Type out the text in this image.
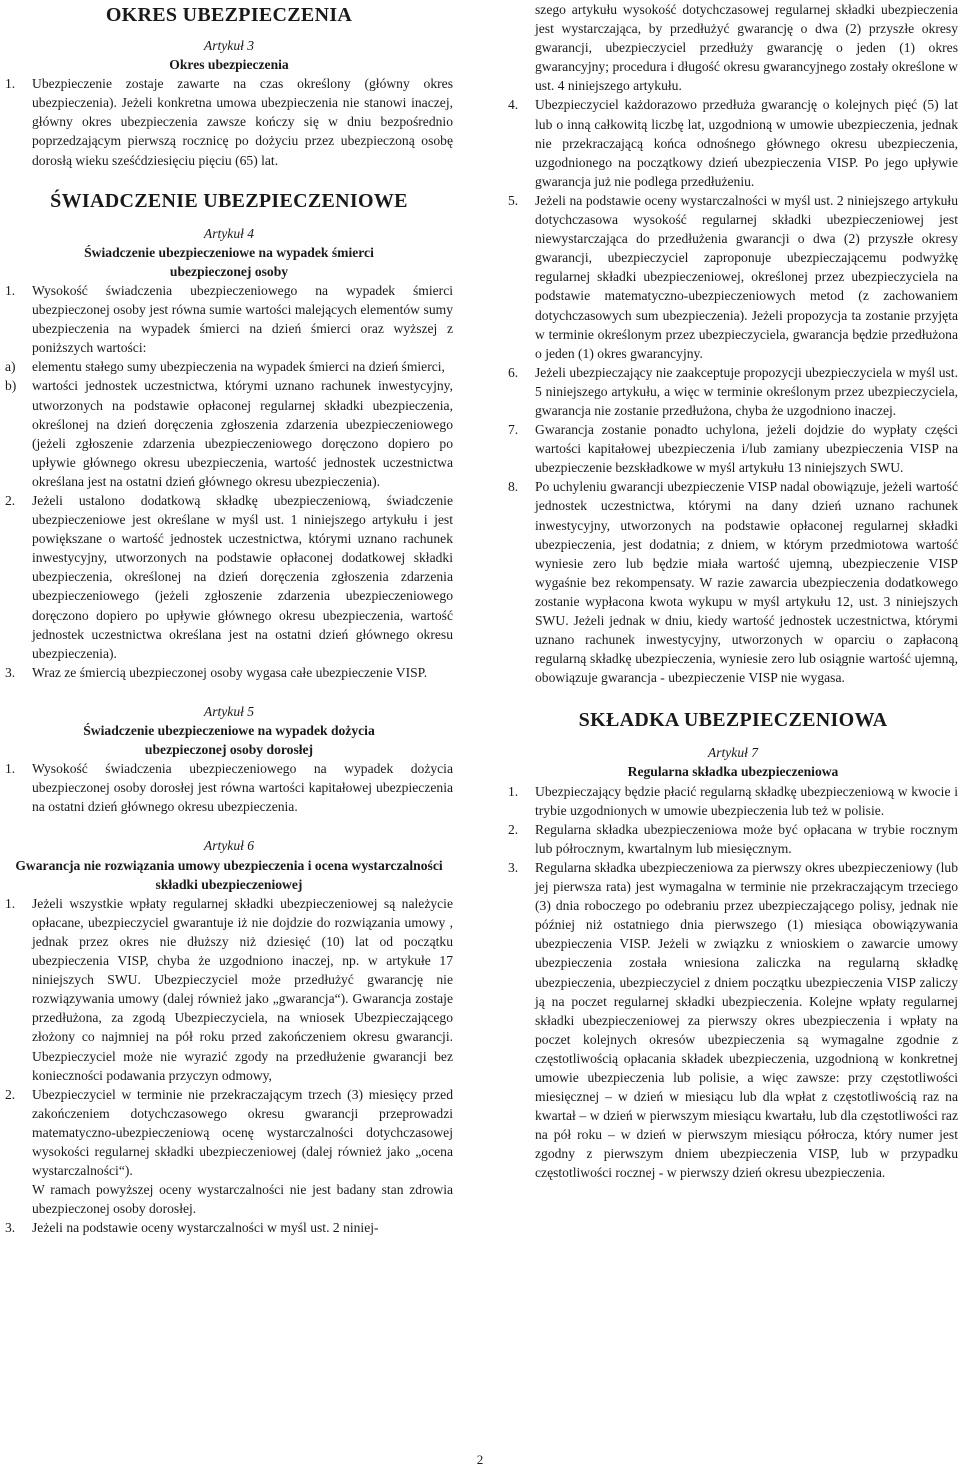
OKRES UBEZPIECZENIA

Artykuł 3

Okres ubezpieczenia

1. Ubezpieczenie zostaje zawarte na czas określony (główny okres ubezpieczenia). Jeżeli konkretna umowa ubezpieczenia nie stanowi inaczej, główny okres ubezpieczenia zawsze kończy się w dniu bezpośrednio poprzedzającym pierwszą rocznicę po dożyciu przez ubezpieczoną osobę dorosłą wieku sześćdziesięciu pięciu (65) lat.
ŚWIADCZENIE UBEZPIECZENIOWE

Artykuł 4

Świadczenie ubezpieczeniowe na wypadek śmierci ubezpieczonej osoby

1. Wysokość świadczenia ubezpieczeniowego na wypadek śmierci ubezpieczonej osoby jest równa sumie wartości malejących elementów sumy ubezpieczenia na wypadek śmierci na dzień śmierci oraz wyższej z poniższych wartości:
a) elementu stałego sumy ubezpieczenia na wypadek śmierci na dzień śmierci,
b) wartości jednostek uczestnictwa, którymi uznano rachunek inwestycyjny, utworzonych na podstawie opłaconej regularnej składki ubezpieczenia, określonej na dzień doręczenia zgłoszenia zdarzenia ubezpieczeniowego (jeżeli zgłoszenie zdarzenia ubezpieczeniowego doręczono dopiero po upływie głównego okresu ubezpieczenia, wartość jednostek uczestnictwa określana jest na ostatni dzień głównego okresu ubezpieczenia).
2. Jeżeli ustalono dodatkową składkę ubezpieczeniową, świadczenie ubezpieczeniowe jest określane w myśl ust. 1 niniejszego artykułu i jest powiększane o wartość jednostek uczestnictwa, którymi uznano rachunek inwestycyjny, utworzonych na podstawie opłaconej dodatkowej składki ubezpieczenia, określonej na dzień doręczenia zgłoszenia zdarzenia ubezpieczeniowego (jeżeli zgłoszenie zdarzenia ubezpieczeniowego doręczono dopiero po upływie głównego okresu ubezpieczenia, wartość jednostek uczestnictwa określana jest na ostatni dzień głównego okresu ubezpieczenia).
3. Wraz ze śmiercią ubezpieczonej osoby wygasa całe ubezpieczenie VISP.

Artykuł 5

Świadczenie ubezpieczeniowe na wypadek dożycia ubezpieczonej osoby dorosłej

1. Wysokość świadczenia ubezpieczeniowego na wypadek dożycia ubezpieczonej osoby dorosłej jest równa wartości kapitałowej ubezpieczenia na ostatni dzień głównego okresu ubezpieczenia.

Artykuł 6

Gwarancja nie rozwiązania umowy ubezpieczenia i ocena wystarczalności składki ubezpieczeniowej

1. Jeżeli wszystkie wpłaty regularnej składki ubezpieczeniowej są należycie opłacane, ubezpieczyciel gwarantuje iż nie dojdzie do rozwiązania umowy , jednak przez okres nie dłuższy niż dziesięć (10) lat od początku ubezpieczenia VISP, chyba że uzgodniono inaczej, np. w artykułe 17 niniejszych SWU. Ubezpieczyciel może przedłużyć gwarancję nie rozwiązywania umowy (dalej również jako „gwarancja“). Gwarancja zostaje przedłużona, za zgodą Ubezpieczyciela, na wniosek Ubezpieczającego złożony co najmniej na pół roku przed zakończeniem okresu gwarancji. Ubezpieczyciel może nie wyrazić zgody na przedłużenie gwarancji bez konieczności podawania przyczyn odmowy,
2. Ubezpieczyciel w terminie nie przekraczającym trzech (3) miesięcy przed zakończeniem dotychczasowego okresu gwarancji przeprowadzi matematyczno-ubezpieczeniową ocenę wystarczalności dotychczasowej wysokości regularnej składki ubezpieczeniowej (dalej również jako „ocena wystarczalności“).

W ramach powyższej oceny wystarczalności nie jest badany stan zdrowia ubezpieczonej osoby dorosłej.

3. Jeżeli na podstawie oceny wystarczalności w myśl ust. 2 niniej-

szego artykułu wysokość dotychczasowej regularnej składki ubezpieczenia jest wystarczająca, by przedłużyć gwarancję o dwa (2) przyszłe okresy gwarancji, ubezpieczyciel przedłuży gwarancję o jeden (1) okres gwarancyjny; procedura i długość okresu gwarancyjnego zostały określone w ust. 4 niniejszego artykułu.

4. Ubezpieczyciel każdorazowo przedłuża gwarancję o kolejnych pięć (5) lat lub o inną całkowitą liczbę lat, uzgodnioną w umowie ubezpieczenia, jednak nie przekraczającą końca odnośnego głównego okresu ubezpieczenia, uzgodnionego na początkowy dzień ubezpieczenia VISP. Po jego upływie gwarancja już nie podlega przedłużeniu.
5. Jeżeli na podstawie oceny wystarczalności w myśl ust. 2 niniejszego artykułu dotychczasowa wysokość regularnej składki ubezpieczeniowej jest niewystarczająca do przedłużenia gwarancji o dwa (2) przyszłe okresy gwarancji, ubezpieczyciel zaproponuje ubezpieczającemu podwyżkę regularnej składki ubezpieczeniowej, określonej przez ubezpieczyciela na podstawie matematyczno-ubezpieczeniowych metod (z zachowaniem dotychczasowych sum ubezpieczenia). Jeżeli propozycja ta zostanie przyjęta w terminie określonym przez ubezpieczyciela, gwarancja będzie przedłużona o jeden (1) okres gwarancyjny.
6. Jeżeli ubezpieczający nie zaakceptuje propozycji ubezpieczyciela w myśl ust. 5 niniejszego artykułu, a więc w terminie określonym przez ubezpieczyciela, gwarancja nie zostanie przedłużona, chyba że uzgodniono inaczej.
7. Gwarancja zostanie ponadto uchylona, jeżeli dojdzie do wypłaty części wartości kapitałowej ubezpieczenia i/lub zamiany ubezpieczenia VISP na ubezpieczenie bezskładkowe w myśl artykułu 13 niniejszych SWU.
8. Po uchyleniu gwarancji ubezpieczenie VISP nadal obowiązuje, jeżeli wartość jednostek uczestnictwa, którymi na dany dzień uznano rachunek inwestycyjny, utworzonych na podstawie opłaconej regularnej składki ubezpieczenia, jest dodatnia; z dniem, w którym przedmiotowa wartość wyniesie zero lub będzie miała wartość ujemną, ubezpieczenie VISP wygaśnie bez rekompensaty. W razie zawarcia ubezpieczenia dodatkowego zostanie wypłacona kwota wykupu w myśl artykułu 12, ust. 3 niniejszych SWU. Jeżeli jednak w dniu, kiedy wartość jednostek uczestnictwa, którymi uznano rachunek inwestycyjny, utworzonych w oparciu o zapłaconą regularną składkę ubezpieczenia, wyniesie zero lub osiągnie wartość ujemną, obowiązuje gwarancja - ubezpieczenie VISP nie wygasa.
SKŁADKA UBEZPIECZENIOWA

Artykuł 7

Regularna składka ubezpieczeniowa

1. Ubezpieczający będzie płacić regularną składkę ubezpieczeniową w kwocie i trybie uzgodnionych w umowie ubezpieczenia lub też w polisie.
2. Regularna składka ubezpieczeniowa może być opłacana w trybie rocznym lub półrocznym, kwartalnym lub miesięcznym.
3. Regularna składka ubezpieczeniowa za pierwszy okres ubezpieczeniowy (lub jej pierwsza rata) jest wymagalna w terminie nie przekraczającym trzeciego (3) dnia roboczego po odebraniu przez ubezpieczającego polisy, jednak nie później niż ostatniego dnia pierwszego (1) miesiąca obowiązywania ubezpieczenia VISP. Jeżeli w związku z wnioskiem o zawarcie umowy ubezpieczenia została wniesiona zaliczka na regularną składkę ubezpieczenia, ubezpieczyciel z dniem początku ubezpieczenia VISP zaliczy ją na poczet regularnej składki ubezpieczenia. Kolejne wpłaty regularnej składki ubezpieczeniowej za pierwszy okres ubezpieczenia i wpłaty na poczet kolejnych okresów ubezpieczenia są wymagalne zgodnie z częstotliwością opłacania składek ubezpieczenia, uzgodnioną w konkretnej umowie ubezpieczenia lub polisie, a więc zawsze: przy częstotliwości miesięcznej – w dzień w miesiącu lub dla wpłat z częstotliwością raz na kwartał – w dzień w pierwszym miesiącu kwartału, lub dla częstotliwości raz na pół roku – w dzień w pierwszym miesiącu półrocza, który numer jest zgodny z pierwszym dniem ubezpieczenia VISP, lub w przypadku częstotliwości rocznej - w pierwszy dzień okresu ubezpieczenia.
2
